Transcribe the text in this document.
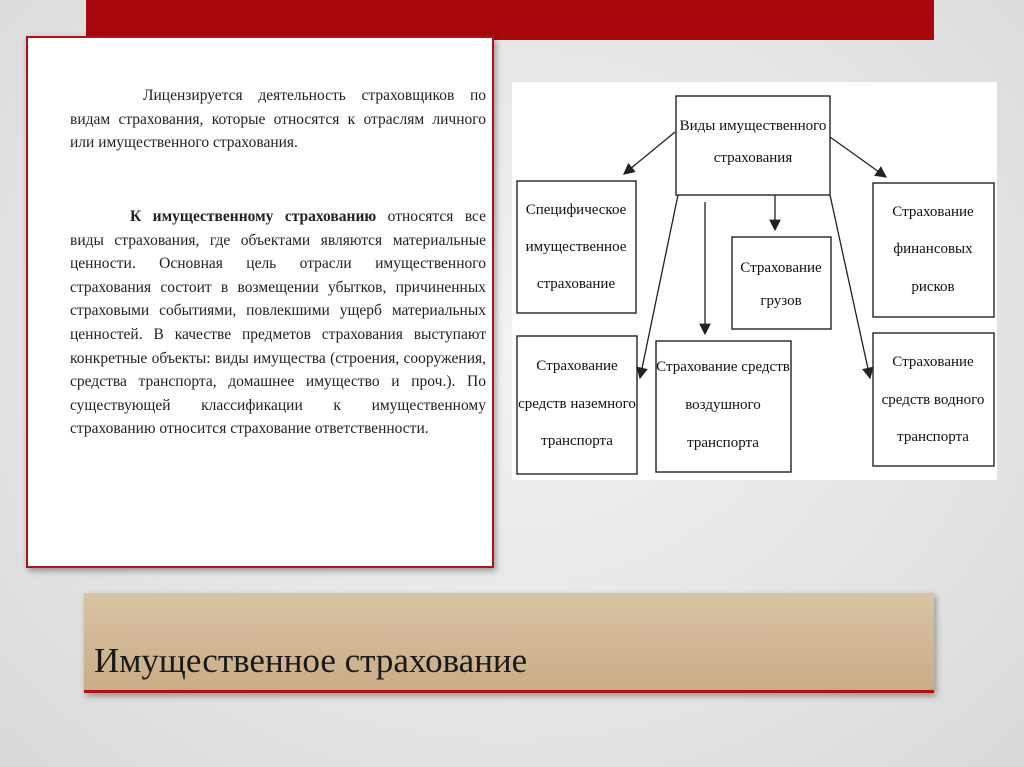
Лицензируется деятельность страховщиков по видам страхования, которые относятся к отраслям личного или имущественного страхования.

К имущественному страхованию относятся все виды страхования, где объектами являются материальные ценности. Основная цель отрасли имущественного страхования состоит в возмещении убытков, причиненных страховыми событиями, повлекшими ущерб материальных ценностей. В качестве предметов страхования выступают конкретные объекты: виды имущества (строения, сооружения, средства транспорта, домашнее имущество и проч.). По существующей классификации к имущественному страхованию относится страхование ответственности.

Виды имущественного
страхования
Специфическое
имущественное
страхование
Страхование
грузов
Страхование
финансовых
рисков
Страхование
средств наземного
транспорта
Страхование средств
воздушного
транспорта
Страхование
средств водного
транспорта
Имущественное страхование
